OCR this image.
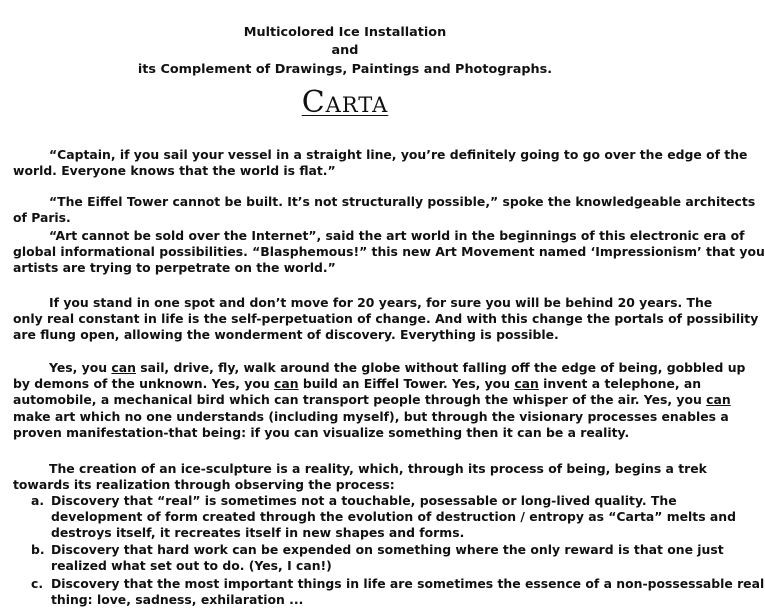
Multicolored Ice Installation
and
its Complement of Drawings, Paintings and Photographs.
Carta
“Captain, if you sail your vessel in a straight line, you’re definitely going to go over the edge of the
world. Everyone knows that the world is flat.”
“The Eiffel Tower cannot be built. It’s not structurally possible,” spoke the knowledgeable architects
of Paris.
“Art cannot be sold over the Internet”, said the art world in the beginnings of this electronic era of
global informational possibilities. “Blasphemous!” this new Art Movement named ‘Impressionism’ that you
artists are trying to perpetrate on the world.”
If you stand in one spot and don’t move for 20 years, for sure you will be behind 20 years. The
only real constant in life is the self-perpetuation of change. And with this change the portals of possibility
are flung open, allowing the wonderment of discovery. Everything is possible.
Yes, you can sail, drive, fly, walk around the globe without falling off the edge of being, gobbled up
by demons of the unknown. Yes, you can build an Eiffel Tower. Yes, you can invent a telephone, an
automobile, a mechanical bird which can transport people through the whisper of the air. Yes, you can
make art which no one understands (including myself), but through the visionary processes enables a
proven manifestation-that being: if you can visualize something then it can be a reality.
The creation of an ice-sculpture is a reality, which, through its process of being, begins a trek
towards its realization through observing the process:
a. Discovery that “real” is sometimes not a touchable, posessable or long-lived quality. The
development of form created through the evolution of destruction / entropy as “Carta” melts and
destroys itself, it recreates itself in new shapes and forms.
b. Discovery that hard work can be expended on something where the only reward is that one just
realized what set out to do. (Yes, I can!)
c. Discovery that the most important things in life are sometimes the essence of a non-possessable real
thing: love, sadness, exhilaration ...
